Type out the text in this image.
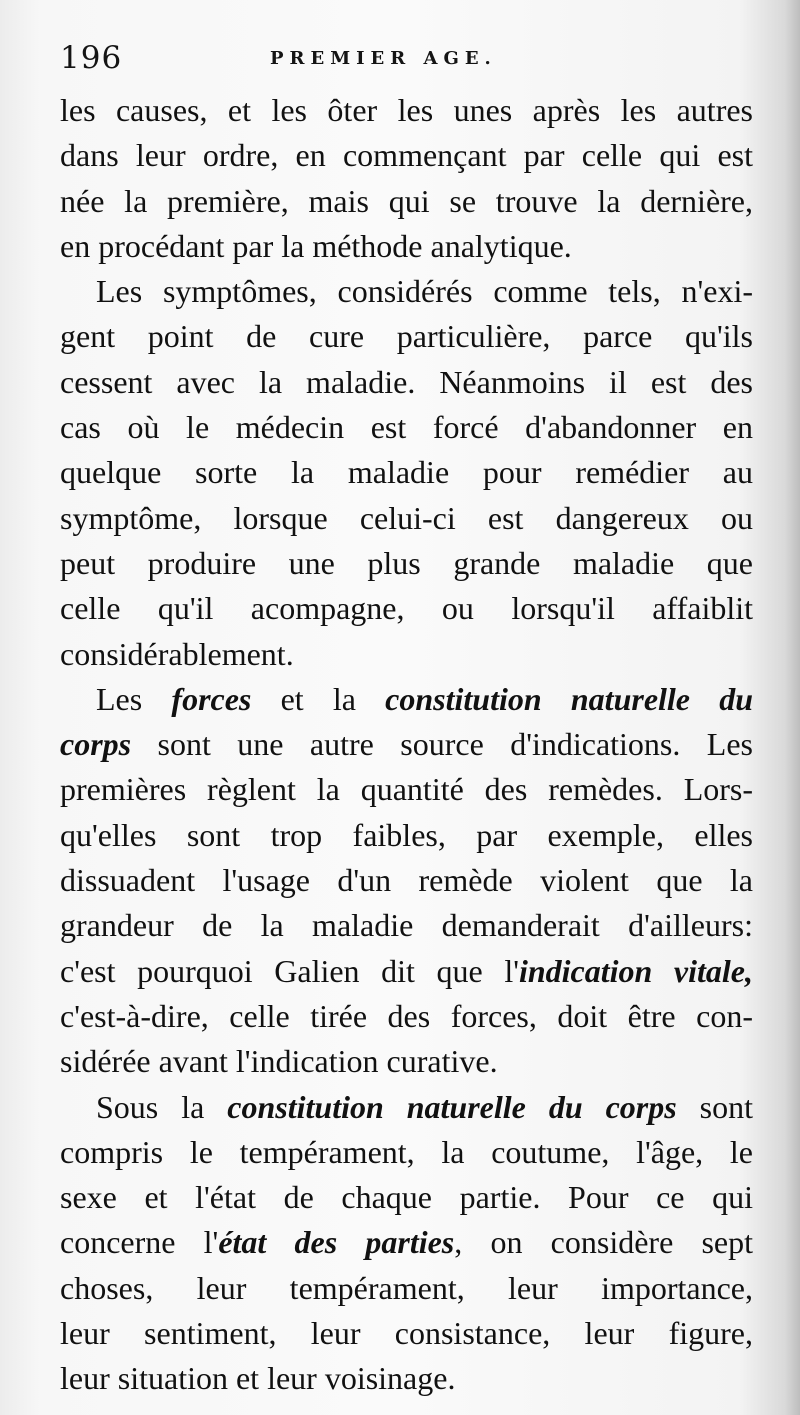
196	PREMIER AGE.

les causes, et les ôter les unes après les autres
dans leur ordre, en commençant par celle qui est
née la première, mais qui se trouve la dernière,
en procédant par la méthode analytique.

Les symptômes, considérés comme tels, n'exi-
gent point de cure particulière, parce qu'ils
cessent avec la maladie. Néanmoins il est des
cas où le médecin est forcé d'abandonner en
quelque sorte la maladie pour remédier au
symptôme, lorsque celui-ci est dangereux ou
peut produire une plus grande maladie que
celle qu'il acompagne, ou lorsqu'il affaiblit
considérablement.

Les forces et la constitution naturelle du
corps sont une autre source d'indications. Les
premières règlent la quantité des remèdes. Lors-
qu'elles sont trop faibles, par exemple, elles
dissuadent l'usage d'un remède violent que la
grandeur de la maladie demanderait d'ailleurs:
c'est pourquoi Galien dit que l'indication vitale,
c'est-à-dire, celle tirée des forces, doit être con-
sidérée avant l'indication curative.

Sous la constitution naturelle du corps sont
compris le tempérament, la coutume, l'âge, le
sexe et l'état de chaque partie. Pour ce qui
concerne l'état des parties, on considère sept
choses, leur tempérament, leur importance,
leur sentiment, leur consistance, leur figure,
leur situation et leur voisinage.
